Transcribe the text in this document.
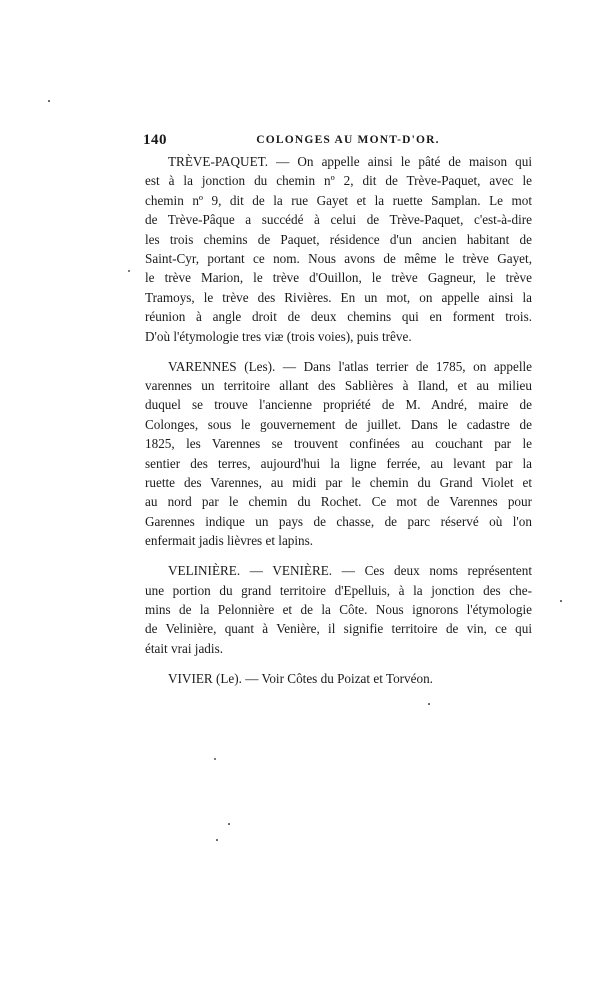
140	COLONGES AU MONT-D'OR.

TRÈVE-PAQUET. — On appelle ainsi le pâté de maison qui
est à la jonction du chemin nº 2, dit de Trève-Paquet, avec le
chemin nº 9, dit de la rue Gayet et la ruette Samplan. Le mot
de Trève-Pâque a succédé à celui de Trève-Paquet, c'est-à-dire
les trois chemins de Paquet, résidence d'un ancien habitant de
Saint-Cyr, portant ce nom. Nous avons de même le trève Gayet,
le trève Marion, le trève d'Ouillon, le trève Gagneur, le trève
Tramoys, le trève des Rivières. En un mot, on appelle ainsi la
réunion à angle droit de deux chemins qui en forment trois.
D'où l'étymologie tres viæ (trois voies), puis trêve.

VARENNES (Les). — Dans l'atlas terrier de 1785, on appelle
varennes un territoire allant des Sablières à Iland, et au milieu
duquel se trouve l'ancienne propriété de M. André, maire de
Colonges, sous le gouvernement de juillet. Dans le cadastre de
1825, les Varennes se trouvent confinées au couchant par le
sentier des terres, aujourd'hui la ligne ferrée, au levant par la
ruette des Varennes, au midi par le chemin du Grand Violet et
au nord par le chemin du Rochet. Ce mot de Varennes pour
Garennes indique un pays de chasse, de parc réservé où l'on
enfermait jadis lièvres et lapins.

VELINIÈRE. — VENIÈRE. — Ces deux noms représentent
une portion du grand territoire d'Epelluis, à la jonction des che-
mins de la Pelonnière et de la Côte. Nous ignorons l'étymologie
de Velinière, quant à Venière, il signifie territoire de vin, ce qui
était vrai jadis.

VIVIER (Le). — Voir Côtes du Poizat et Torvéon.
